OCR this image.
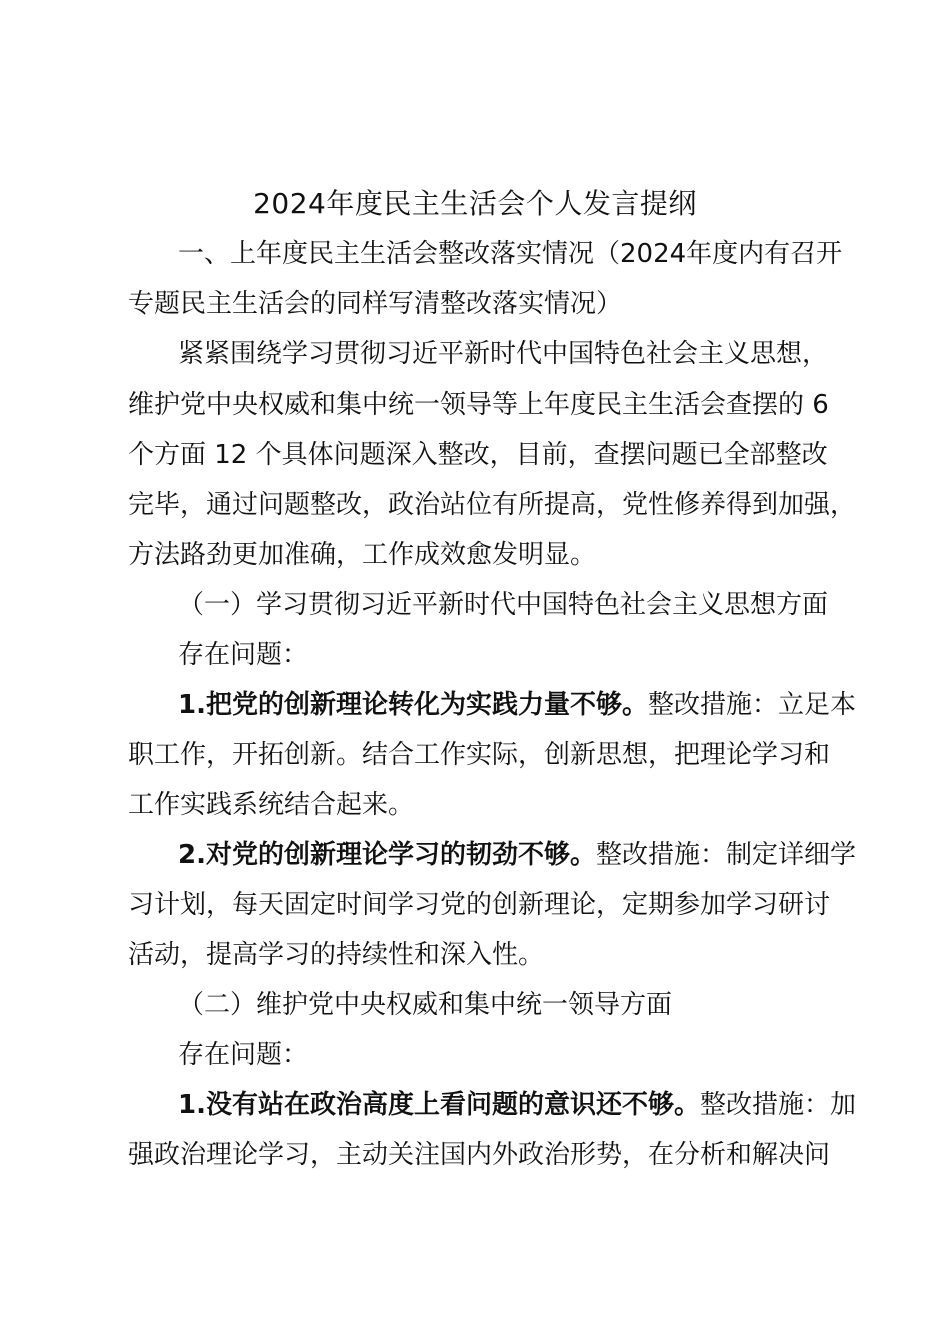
2024年度民主生活会个人发言提纲
一、上年度民主生活会整改落实情况（2024年度内有召开
专题民主生活会的同样写清整改落实情况）
紧紧围绕学习贯彻习近平新时代中国特色社会主义思想，
维护党中央权威和集中统一领导等上年度民主生活会查摆的 6
个方面 12 个具体问题深入整改，目前，查摆问题已全部整改
完毕，通过问题整改，政治站位有所提高，党性修养得到加强，
方法路劲更加准确，工作成效愈发明显。
（一）学习贯彻习近平新时代中国特色社会主义思想方面
存在问题：
1.把党的创新理论转化为实践力量不够。整改措施：立足本
职工作，开拓创新。结合工作实际，创新思想，把理论学习和
工作实践系统结合起来。
2.对党的创新理论学习的韧劲不够。整改措施：制定详细学
习计划，每天固定时间学习党的创新理论，定期参加学习研讨
活动，提高学习的持续性和深入性。
（二）维护党中央权威和集中统一领导方面
存在问题：
1.没有站在政治高度上看问题的意识还不够。整改措施：加
强政治理论学习，主动关注国内外政治形势，在分析和解决问
